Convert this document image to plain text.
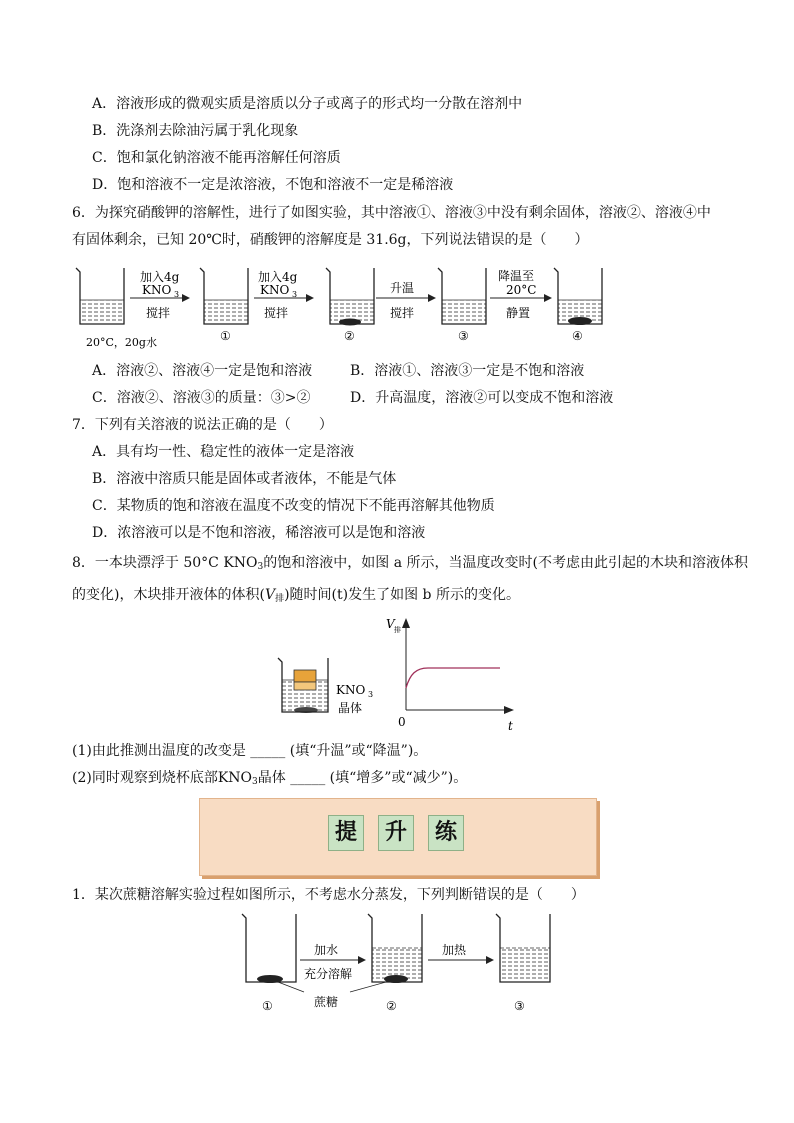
A．溶液形成的微观实质是溶质以分子或离子的形式均一分散在溶剂中
B．洗涤剂去除油污属于乳化现象
C．饱和氯化钠溶液不能再溶解任何溶质
D．饱和溶液不一定是浓溶液，不饱和溶液不一定是稀溶液
6．为探究硝酸钾的溶解性，进行了如图实验，其中溶液①、溶液③中没有剩余固体，溶液②、溶液④中
有固体剩余，已知 20℃时，硝酸钾的溶解度是 31.6g，下列说法错误的是（　　）
20°C，20g水
加入4g
KNO 3
搅拌
①
加入4g
KNO 3
搅拌
②
升温
搅拌
③
降温至
20°C
静置
④
A．溶液②、溶液④一定是饱和溶液	B．溶液①、溶液③一定是不饱和溶液
C．溶液②、溶液③的质量：③>②	D．升高温度，溶液②可以变成不饱和溶液
7．下列有关溶液的说法正确的是（　　）
A．具有均一性、稳定性的液体一定是溶液
B．溶液中溶质只能是固体或者液体，不能是气体
C．某物质的饱和溶液在温度不改变的情况下不能再溶解其他物质
D．浓溶液可以是不饱和溶液，稀溶液可以是饱和溶液
8．一本块漂浮于 50°C $KNO_3$的饱和溶液中，如图 a 所示，当温度改变时(不考虑由此引起的木块和溶液体积
的变化)，木块排开液体的体积$(V_排)$随时间(t)发生了如图 b 所示的变化。
KNO 3
晶体
V 排
0	t
(1)由此推测出温度的改变是 _____ (填“升温”或“降温”)。
(2)同时观察到烧杯底部$KNO_3$晶体 _____ (填“增多”或“减少”)。
提	升	练
1．某次蔗糖溶解实验过程如图所示，不考虑水分蒸发，下列判断错误的是（　　）
①
加水
充分溶解
②
蔗糖
加热
③
